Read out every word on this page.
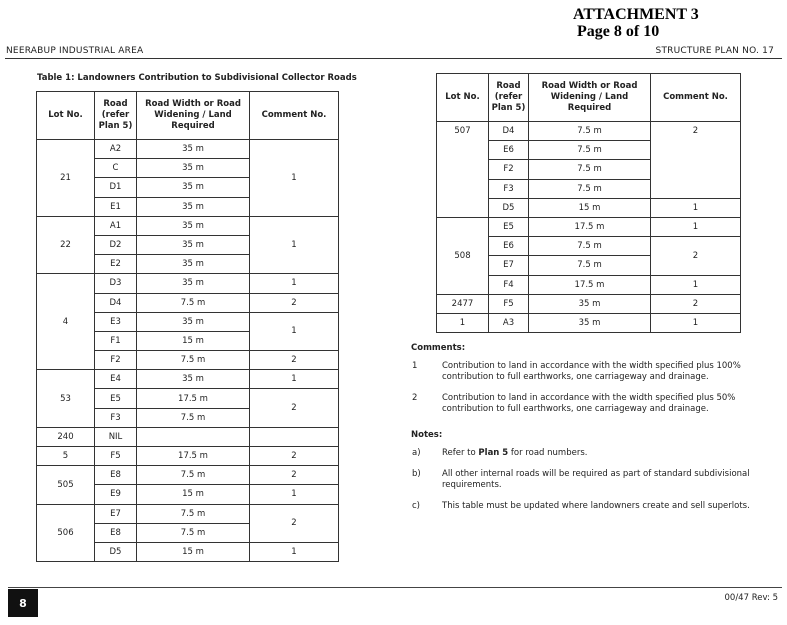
ATTACHMENT 3
Page 8 of 10
NEERABUP INDUSTRIAL AREA	STRUCTURE PLAN NO. 17
Table 1: Landowners Contribution to Subdivisional Collector Roads
Lot No.	Road (refer Plan 5)	Road Width or Road Widening / Land Required	Comment No.
21	A2	35 m	1
	C	35 m	
	D1	35 m	
	E1	35 m	
22	A1	35 m	1
	D2	35 m	
	E2	35 m	
4	D3	35 m	1
	D4	7.5 m	2
	E3	35 m	1
	F1	15 m	
	F2	7.5 m	2
53	E4	35 m	1
	E5	17.5 m	2
	F3	7.5 m	
240	NIL		
5	F5	17.5 m	2
505	E8	7.5 m	2
	E9	15 m	1
506	E7	7.5 m	2
	E8	7.5 m	
	D5	15 m	1
Lot No.	Road (refer Plan 5)	Road Width or Road Widening / Land Required	Comment No.
507	D4	7.5 m	2
	E6	7.5 m	
	F2	7.5 m	
	F3	7.5 m	
	D5	15 m	1
508	E5	17.5 m	1
	E6	7.5 m	2
	E7	7.5 m	
	F4	17.5 m	1
2477	F5	35 m	2
1	A3	35 m	1
Comments:
1	Contribution to land in accordance with the width specified plus 100% contribution to full earthworks, one carriageway and drainage.
2	Contribution to land in accordance with the width specified plus 50% contribution to full earthworks, one carriageway and drainage.
Notes:
a)	Refer to Plan 5 for road numbers.
b)	All other internal roads will be required as part of standard subdivisional requirements.
c)	This table must be updated where landowners create and sell superlots.
8	00/47 Rev: 5
